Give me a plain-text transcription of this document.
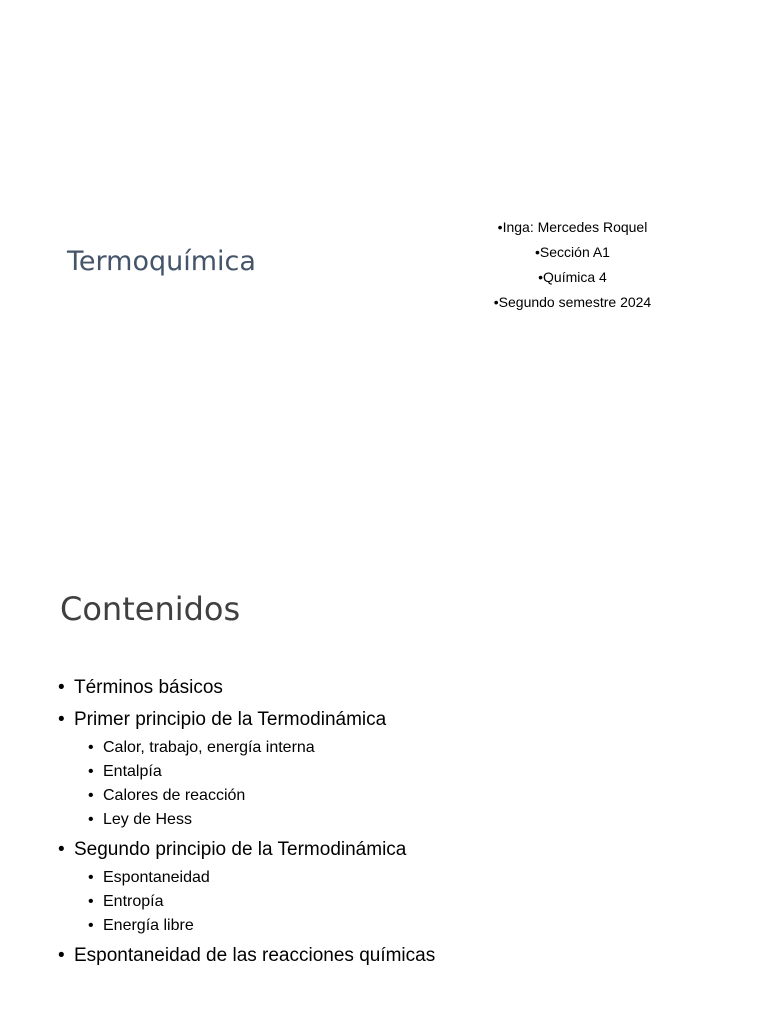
Termoquímica
•Inga: Mercedes Roquel
•Sección A1
•Química 4
•Segundo semestre 2024
Contenidos
• Términos básicos
• Primer principio de la Termodinámica
• Calor, trabajo, energía interna
• Entalpía
• Calores de reacción
• Ley de Hess
• Segundo principio de la Termodinámica
• Espontaneidad
• Entropía
• Energía libre
• Espontaneidad de las reacciones químicas
